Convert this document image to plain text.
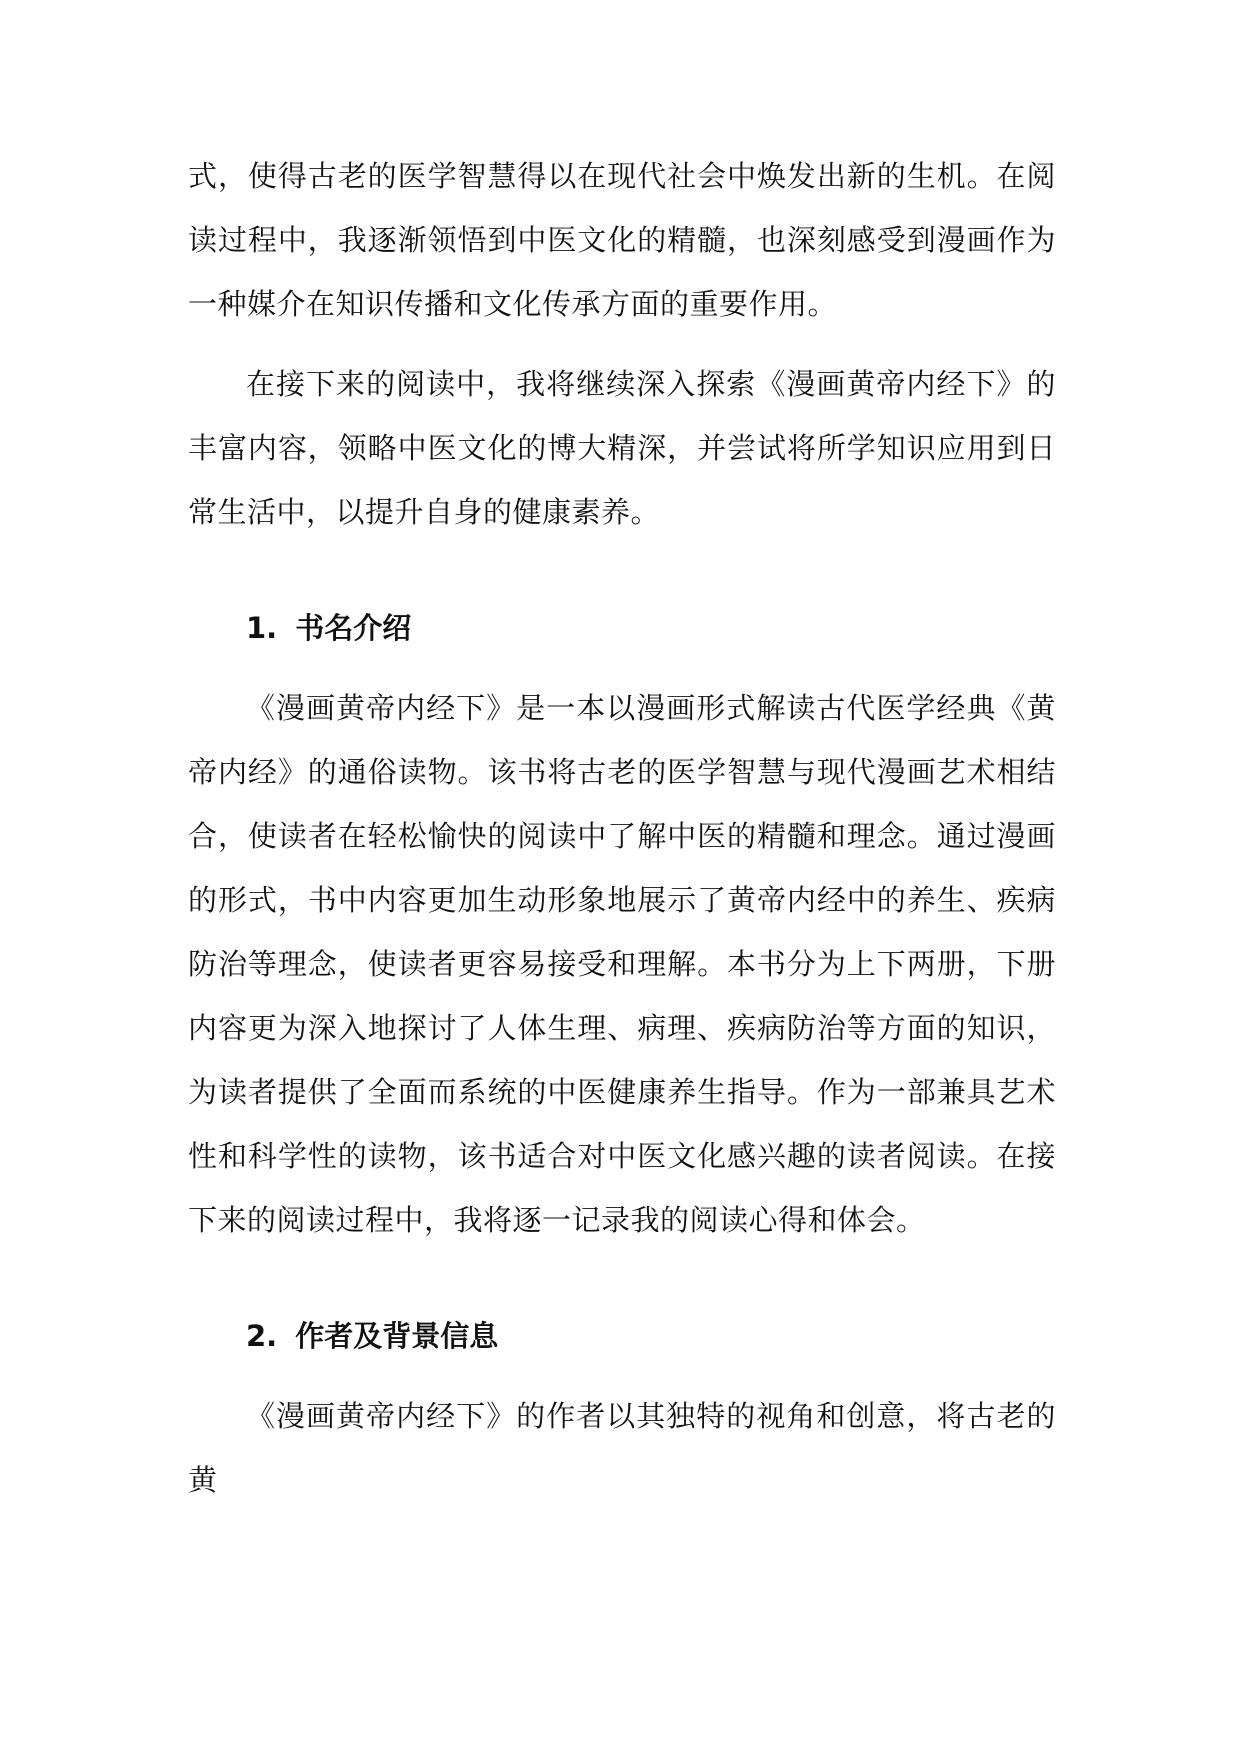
式，使得古老的医学智慧得以在现代社会中焕发出新的生机。在阅读过程中，我逐渐领悟到中医文化的精髓，也深刻感受到漫画作为一种媒介在知识传播和文化传承方面的重要作用。

在接下来的阅读中，我将继续深入探索《漫画黄帝内经下》的丰富内容，领略中医文化的博大精深，并尝试将所学知识应用到日常生活中，以提升自身的健康素养。

1. 书名介绍

《漫画黄帝内经下》是一本以漫画形式解读古代医学经典《黄帝内经》的通俗读物。该书将古老的医学智慧与现代漫画艺术相结合，使读者在轻松愉快的阅读中了解中医的精髓和理念。通过漫画的形式，书中内容更加生动形象地展示了黄帝内经中的养生、疾病防治等理念，使读者更容易接受和理解。本书分为上下两册，下册内容更为深入地探讨了人体生理、病理、疾病防治等方面的知识，为读者提供了全面而系统的中医健康养生指导。作为一部兼具艺术性和科学性的读物，该书适合对中医文化感兴趣的读者阅读。在接下来的阅读过程中，我将逐一记录我的阅读心得和体会。

2. 作者及背景信息

《漫画黄帝内经下》的作者以其独特的视角和创意，将古老的黄
